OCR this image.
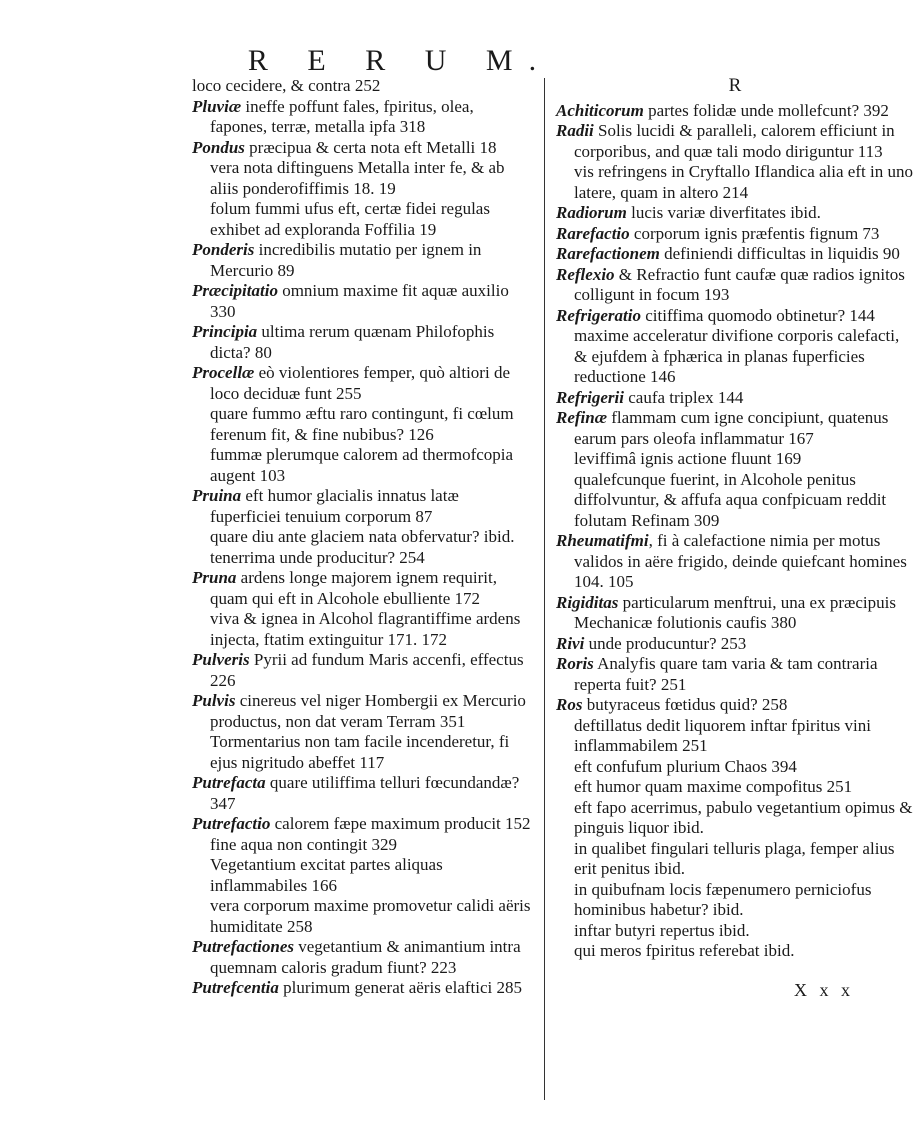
R E R U M.
loco cecidere, & contra 252
Pluviæ ineffe poffunt fales, fpiritus, olea, fapones, terræ, metalla ipfa 318
Pondus præcipua & certa nota eft Metalli 18
vera nota diftinguens Metalla inter fe, & ab aliis ponderofiffimis 18. 19
folum fummi ufus eft, certæ fidei regulas exhibet ad exploranda Foffilia 19
Ponderis incredibilis mutatio per ignem in Mercurio 89
Præcipitatio omnium maxime fit aquæ auxilio 330
Principia ultima rerum quænam Philofophis dicta? 80
Procellæ eò violentiores femper, quò altiori de loco deciduæ funt 255
quare fummo æftu raro contingunt, fi cœlum ferenum fit, & fine nubibus? 126
fummæ plerumque calorem ad thermofcopia augent 103
Pruina eft humor glacialis innatus latæ fuperficiei tenuium corporum 87
quare diu ante glaciem nata obfervatur? ibid.
tenerrima unde producitur? 254
Pruna ardens longe majorem ignem requirit, quam qui eft in Alcohole ebulliente 172
viva & ignea in Alcohol flagrantiffime ardens injecta, ftatim extinguitur 171. 172
Pulveris Pyrii ad fundum Maris accenfi, effectus 226
Pulvis cinereus vel niger Hombergii ex Mercurio productus, non dat veram Terram 351
Tormentarius non tam facile incenderetur, fi ejus nigritudo abeffet 117
Putrefacta quare utiliffima telluri fœcundandæ? 347
Putrefactio calorem fæpe maximum producit 152
fine aqua non contingit 329
Vegetantium excitat partes aliquas inflammabiles 166
vera corporum maxime promovetur calidi aëris humiditate 258
Putrefactiones vegetantium & animantium intra quemnam caloris gradum fiunt? 223
Putrefcentia plurimum generat aëris elaftici 285
R
Achiticorum partes folidæ unde mollefcunt? 392
Radii Solis lucidi & paralleli, calorem efficiunt in corporibus, and quæ tali modo diriguntur 113
vis refringens in Cryftallo Iflandica alia eft in uno latere, quam in altero 214
Radiorum lucis variæ diverfitates ibid.
Rarefactio corporum ignis præfentis fignum 73
Rarefactionem definiendi difficultas in liquidis 90
Reflexio & Refractio funt caufæ quæ radios ignitos colligunt in focum 193
Refrigeratio citiffima quomodo obtinetur? 144
maxime acceleratur divifione corporis calefacti, & ejufdem à fphærica in planas fuperficies reductione 146
Refrigerii caufa triplex 144
Refinæ flammam cum igne concipiunt, quatenus earum pars oleofa inflammatur 167
leviffimâ ignis actione fluunt 169
qualefcunque fuerint, in Alcohole penitus diffolvuntur, & affufa aqua confpicuam reddit folutam Refinam 309
Rheumatifmi, fi à calefactione nimia per motus validos in aëre frigido, deinde quiefcant homines 104. 105
Rigiditas particularum menftrui, una ex præcipuis Mechanicæ folutionis caufis 380
Rivi unde producuntur? 253
Roris Analyfis quare tam varia & tam contraria reperta fuit? 251
Ros butyraceus fœtidus quid? 258
deftillatus dedit liquorem inftar fpiritus vini inflammabilem 251
eft confufum plurium Chaos 394
eft humor quam maxime compofitus 251
eft fapo acerrimus, pabulo vegetantium opimus & pinguis liquor ibid.
in qualibet fingulari telluris plaga, femper alius erit penitus ibid.
in quibufnam locis fæpenumero perniciofus hominibus habetur? ibid.
inftar butyri repertus ibid.
qui meros fpiritus referebat ibid.
X x x
